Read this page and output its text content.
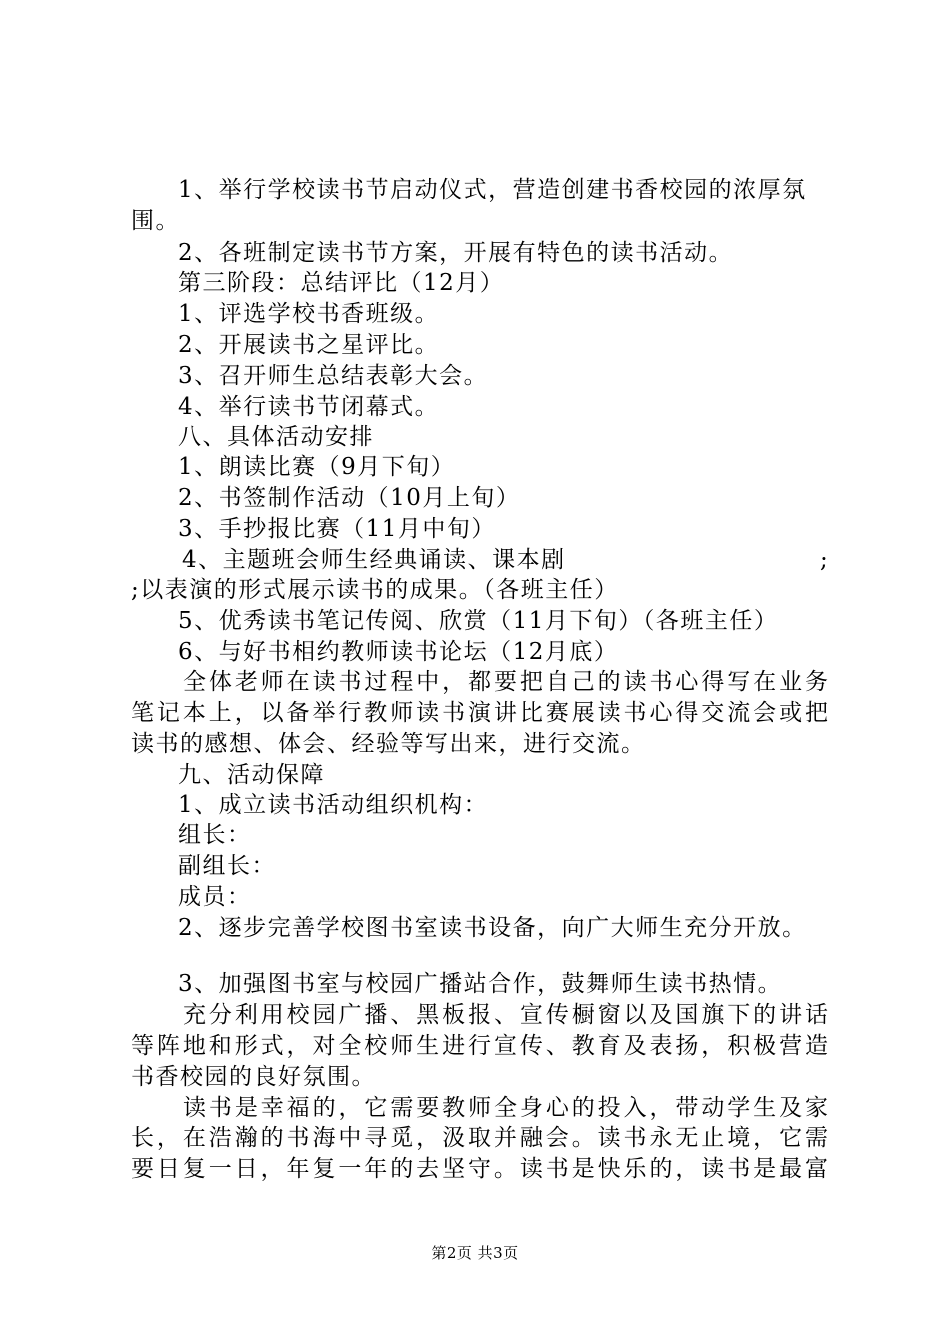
1、举行学校读书节启动仪式，营造创建书香校园的浓厚氛
围。
2、各班制定读书节方案，开展有特色的读书活动。
第三阶段：总结评比（12月）
1、评选学校书香班级。
2、开展读书之星评比。
3、召开师生总结表彰大会。
4、举行读书节闭幕式。
八、具体活动安排
1、朗读比赛（9月下旬）
2、书签制作活动（10月上旬）
3、手抄报比赛（11月中旬）
4、主题班会师生经典诵读、课本剧	;
;以表演的形式展示读书的成果。（各班主任）
5、优秀读书笔记传阅、欣赏（11月下旬）（各班主任）
6、与好书相约教师读书论坛（12月底）
全体老师在读书过程中，都要把自己的读书心得写在业务
笔记本上，以备举行教师读书演讲比赛展读书心得交流会或把
读书的感想、体会、经验等写出来，进行交流。
九、活动保障
1、成立读书活动组织机构：
组长：
副组长：
成员：
2、逐步完善学校图书室读书设备，向广大师生充分开放。
3、加强图书室与校园广播站合作，鼓舞师生读书热情。
充分利用校园广播、黑板报、宣传橱窗以及国旗下的讲话
等阵地和形式，对全校师生进行宣传、教育及表扬，积极营造
书香校园的良好氛围。
读书是幸福的，它需要教师全身心的投入，带动学生及家
长，在浩瀚的书海中寻觅，汲取并融会。读书永无止境，它需
要日复一日，年复一年的去坚守。读书是快乐的，读书是最富
第2页 共3页
